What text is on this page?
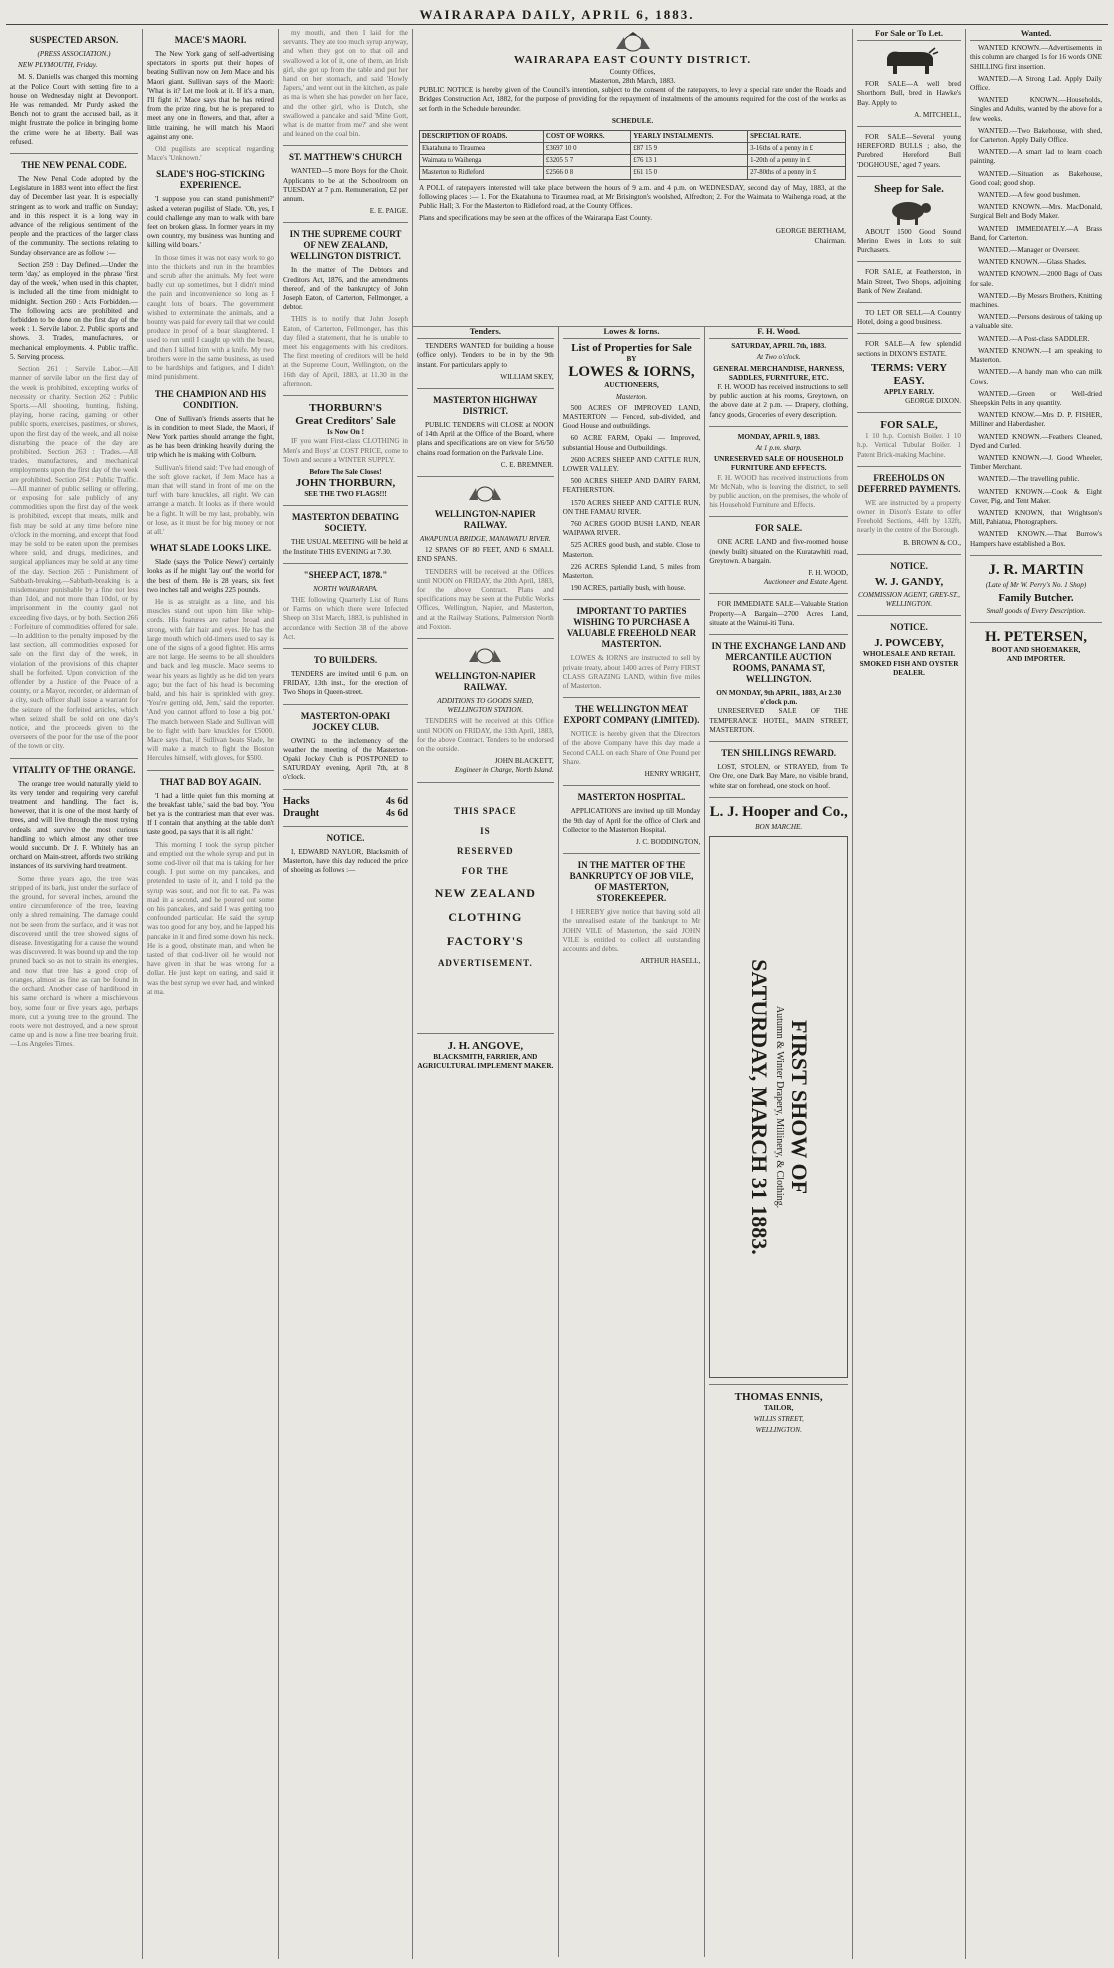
WAIRARAPA DAILY, APRIL 6, 1883.
SUSPECTED ARSON.
(PRESS ASSOCIATION.)

NEW PLYMOUTH, Friday.

M. S. Daniells was charged this morning at the Police Court with setting fire to a house on Wednesday night at Devonport. He was remanded. Mr Purdy asked the Bench not to grant the accused bail, as it might frustrate the police in bringing home the crime were he at liberty. Bail was refused.

THE NEW PENAL CODE.

The New Penal Code adopted by the Legislature in 1883 went into effect the first day of December last year. It is especially stringent as to work and traffic on Sunday; and in this respect it is a long way in advance of the religious sentiment of the people and the practices of the larger class of the community. The sections relating to Sunday observance are as follow :—

Section 259 : Day Defined.—Under the term 'day,' as employed in the phrase 'first day of the week,' when used in this chapter, is included all the time from midnight to midnight. Section 260 : Acts Forbidden.—The following acts are prohibited and forbidden to be done on the first day of the week : 1. Servile labor. 2. Public sports and shows. 3. Trades, manufactures, or mechanical employments. 4. Public traffic. 5. Serving process.

Section 261 : Servile Labor.—All manner of servile labor on the first day of the week is prohibited, excepting works of necessity or charity. Section 262 : Public Sports.—All shooting, hunting, fishing, playing, horse racing, gaming or other public sports, exercises, pastimes, or shows, upon the first day of the week, and all noise disturbing the peace of the day are prohibited. Section 263 : Trades.—All trades, manufactures, and mechanical employments upon the first day of the week are prohibited. Section 264 : Public Traffic.—All manner of public selling or offering, or exposing for sale publicly of any commodities upon the first day of the week is prohibited, except that meats, milk and fish may be sold at any time before nine o'clock in the morning, and except that food may be sold to be eaten upon the premises where sold, and drugs, medicines, and surgical appliances may be sold at any time of the day. Section 265 : Punishment of Sabbath-breaking.—Sabbath-breaking is a misdemeanor punishable by a fine not less than 1dol, and not more than 10dol, or by imprisonment in the county gaol not exceeding five days, or by both. Section 266 : Forfeiture of commodities offered for sale.—In addition to the penalty imposed by the last section, all commodities exposed for sale on the first day of the week, in violation of the provisions of this chapter shall be forfeited. Upon conviction of the offender by a Justice of the Peace of a county, or a Mayor, recorder, or alderman of a city, such officer shall issue a warrant for the seizure of the forfeited articles, which when seized shall be sold on one day's notice, and the proceeds given to the overseers of the poor for the use of the poor of the town or city.

VITALITY OF THE ORANGE.

The orange tree would naturally yield to its very tender and requiring very careful treatment and handling. The fact is, however, that it is one of the most hardy of trees, and will live through the most trying ordeals and survive the most curious handling to which almost any other tree would succumb. Dr J. F. Whitely has an orchard on Main-street, affords two striking instances of its surviving hard treatment.

Some three years ago, the tree was stripped of its bark, just under the surface of the ground, for several inches, around the entire circumference of the tree, leaving only a shred remaining. The damage could not be seen from the surface, and it was not discovered until the tree showed signs of disease. Investigating for a cause the wound was discovered. It was bound up and the top pruned back so as not to strain its energies, and now that tree has a good crop of oranges, almost as fine as can be found in the orchard. Another case of hardihood in his same orchard is where a mischievous boy, some four or five years ago, perhaps more, cut a young tree to the ground. The roots were not destroyed, and a new sprout came up and is now a fine tree bearing fruit.—Los Angeles Times.

MACE'S MAORI.

The New York gang of self-advertising spectators in sports put their hopes of beating Sullivan now on Jem Mace and his Maori giant. Sullivan says of the Maori: 'What is it? Let me look at it. If it's a man, I'll fight it.' Mace says that he has retired from the prize ring, but he is prepared to meet any one in flowers, and that, after a little training, he will match his Maori against any one.

Old pugilists are sceptical regarding Mace's 'Unknown.'

SLADE'S HOG-STICKING EXPERIENCE.

'I suppose you can stand punishment?' asked a veteran pugilist of Slade. 'Oh, yes, I could challenge any man to walk with bare feet on broken glass. In former years in my own country, my business was hunting and killing wild boars.'

In those times it was not easy work to go into the thickets and run in the brambles and scrub after the animals. My feet were badly cut up sometimes, but I didn't mind the pain and inconvenience so long as I caught lots of boars. The government wished to exterminate the animals, and a bounty was paid for every tail that we could produce in proof of a boar slaughtered. I used to run until I caught up with the beast, and then I killed him with a knife. My two brothers were in the same business, as used to be hardships and fatigues, and I didn't mind punishment.

THE CHAMPION AND HIS CONDITION.

One of Sullivan's friends asserts that he is in condition to meet Slade, the Maori, if New York parties should arrange the fight, as he has been drinking heavily during the trip which he is making with Colburn.

Sullivan's friend said: 'I've had enough of the soft glove racket, if Jem Mace has a man that will stand in front of me on the turf with bare knuckles, all right. We can arrange a match. It looks as if there would be a fight. It will be my last, probably, win or lose, as it must be for big money or not at all.'

WHAT SLADE LOOKS LIKE.

Slade (says the 'Police News') certainly looks as if he might 'lay out' the world for the best of them. He is 28 years, six feet two inches tall and weighs 225 pounds.

He is as straight as a line, and his muscles stand out upon him like whip-cords. His features are rather broad and strong, with fair hair and eyes. He has the large mouth which old-timers used to say is one of the signs of a good fighter. His arms are not large. He seems to be all shoulders and back and leg muscle. Mace seems to wear his years as lightly as he did ten years ago; but the fact of his head is becoming bald, and his hair is sprinkled with grey. 'You're getting old, Jem,' said the reporter. 'And you cannot afford to lose a big pot.' The match between Slade and Sullivan will be to fight with bare knuckles for £5000. Mace says that, if Sullivan beats Slade, he will make a match to fight the Boston Hercules himself, with gloves, for $500.

THAT BAD BOY AGAIN.

'I had a little quiet fun this morning at the breakfast table,' said the bad boy. 'You bet ya is the contrariest man that ever was. If I contain that anything at the table don't taste good, pa says that it is all right.'

This morning I took the syrup pitcher and emptied out the whole syrup and put in some cod-liver oil that ma is taking for her cough. I put some on my pancakes, and pretended to taste of it, and I told pa the syrup was sour, and not fit to eat. Pa was mad in a second, and he poured out some on his pancakes, and said I was getting too confounded particular. He said the syrup was too good for any boy, and he lapped his pancake in it and fired some down his neck. He is a good, obstinate man, and when he tasted of that cod-liver oil he would not have given in that he was wrong for a dollar. He just kept on eating, and said it was the best syrup we ever had, and winked at ma.

my mouth, and then I laid for the servants. They ate too much syrup anyway, and when they got on to that oil and swallowed a lot of it, one of them, an Irish girl, she got up from the table and put her hand on her stomach, and said 'Howly Japers,' and went out in the kitchen, as pale as ma is when she has powder on her face, and the other girl, who is Dutch, she swallowed a pancake and said 'Mine Gott, what is de matter from me?' and she went and leaned on the coal bin.

ST. MATTHEW'S CHURCH

WANTED—5 more Boys for the Choir. Applicants to be at the Schoolroom on TUESDAY at 7 p.m. Remuneration, £2 per annum.

E. E. PAIGE.
IN THE SUPREME COURT OF NEW ZEALAND, WELLINGTON DISTRICT.

In the matter of The Debtors and Creditors Act, 1876, and the amendments thereof, and of the bankruptcy of John Joseph Eaton, of Carterton, Fellmonger, a debtor.

THIS is to notify that John Joseph Eaton, of Carterton, Fellmonger, has this day filed a statement, that he is unable to meet his engagements with his creditors. The first meeting of creditors will be held at the Supreme Court, Wellington, on the 16th day of April, 1883, at 11.30 in the afternoon.

THORBURN'S
Great Creditors' Sale
Is Now On !

IF you want First-class CLOTHING in Men's and Boys' at COST PRICE, come to Town and secure a WINTER SUPPLY.

Before The Sale Closes!
JOHN THORBURN,
SEE THE TWO FLAGS!!!
MASTERTON DEBATING SOCIETY.

THE USUAL MEETING will be held at the Institute THIS EVENING at 7.30.

"SHEEP ACT, 1878."
NORTH WAIRARAPA.

THE following Quarterly List of Runs or Farms on which there were Infected Sheep on 31st March, 1883, is published in accordance with Section 38 of the above Act.

TO BUILDERS.

TENDERS are invited until 6 p.m. on FRIDAY, 13th inst., for the erection of Two Shops in Queen-street.

MASTERTON-OPAKI JOCKEY CLUB.

OWING to the inclemency of the weather the meeting of the Masterton-Opaki Jockey Club is POSTPONED to SATURDAY evening, April 7th, at 8 o'clock.

Hacks	4s 6d
Draught	4s 6d
NOTICE.

I, EDWARD NAYLOR, Blacksmith of Masterton, have this day reduced the price of shoeing as follows :—

WAIRARAPA EAST COUNTY DISTRICT.
County Offices,
Masterton, 28th March, 1883.
PUBLIC NOTICE is hereby given of the Council's intention, subject to the consent of the ratepayers, to levy a special rate under the Roads and Bridges Construction Act, 1882, for the purpose of providing for the repayment of instalments of the amounts required for the cost of the works as set forth in the Schedule hereunder.
SCHEDULE.
DESCRIPTION OF ROADS.	COST OF WORKS.	YEARLY INSTALMENTS.	SPECIAL RATE.
Ekatahuna to Tiraumea	£3697 10 0	£87 15 9	3-16ths of a penny in £
Waimata to Waihenga	£3205 5 7	£76 13 1	1-20th of a penny in £
Masterton to Ridleford	£2566 0 8	£61 15 0	27-80ths of a penny in £
A POLL of ratepayers interested will take place between the hours of 9 a.m. and 4 p.m. on WEDNESDAY, second day of May, 1883, at the following places :— 1. For the Ekatahuna to Tiraumea road, at Mr Brisington's woolshed, Alfredton; 2. For the Waimata to Waihenga road, at the Public Hall; 3. For the Masterton to Ridleford road, at the County Offices.
Plans and specifications may be seen at the offices of the Wairarapa East County.
GEORGE BERTHAM,
Chairman.
Tenders.

TENDERS WANTED for building a house (office only). Tenders to be in by the 9th instant. For particulars apply to

WILLIAM SKEY,
MASTERTON HIGHWAY DISTRICT.

PUBLIC TENDERS will CLOSE at NOON of 14th April at the Office of the Board, where plans and specifications are on view for 5/6/50 chains road formation on the Parkvale Line.

C. E. BREMNER.
WELLINGTON-NAPIER RAILWAY.
AWAPUNUA BRIDGE, MANAWATU RIVER.

12 SPANS OF 80 FEET, AND 6 SMALL END SPANS.

TENDERS will be received at the Offices until NOON on FRIDAY, the 20th April, 1883, for the above Contract. Plans and specifications may be seen at the Public Works Offices, Wellington, Napier, and Masterton, and at the Railway Stations, Palmerston North and Foxton.

WELLINGTON-NAPIER RAILWAY.
ADDITIONS TO GOODS SHED, WELLINGTON STATION.

TENDERS will be received at this Office until NOON on FRIDAY, the 13th April, 1883, for the above Contract. Tenders to be endorsed on the outside.

JOHN BLACKETT,
Engineer in Charge, North Island.
THIS SPACE
IS
RESERVED
FOR THE
NEW ZEALAND CLOTHING FACTORY'S
ADVERTISEMENT.
J. H. ANGOVE,
BLACKSMITH, FARRIER, AND AGRICULTURAL IMPLEMENT MAKER.
Lowes & Iorns.
List of Properties for Sale
BY
LOWES & IORNS,
AUCTIONEERS,
Masterton.

500 ACRES OF IMPROVED LAND, MASTERTON — Fenced, sub-divided, and Good House and outbuildings.

60 ACRE FARM, Opaki — Improved, substantial House and Outbuildings.

2600 ACRES SHEEP AND CATTLE RUN, LOWER VALLEY.

500 ACRES SHEEP AND DAIRY FARM, FEATHERSTON.

1570 ACRES SHEEP AND CATTLE RUN, ON THE FAMAU RIVER.

760 ACRES GOOD BUSH LAND, NEAR WAIPAWA RIVER.

525 ACRES good bush, and stable. Close to Masterton.

226 ACRES Splendid Land, 5 miles from Masterton.

190 ACRES, partially bush, with house.

IMPORTANT TO PARTIES WISHING TO PURCHASE A VALUABLE FREEHOLD NEAR MASTERTON.

LOWES & IORNS are instructed to sell by private treaty, about 1400 acres of Perry FIRST CLASS GRAZING LAND, within five miles of Masterton.

THE WELLINGTON MEAT EXPORT COMPANY (LIMITED).

NOTICE is hereby given that the Directors of the above Company have this day made a Second CALL on each Share of One Pound per Share.

HENRY WRIGHT,
MASTERTON HOSPITAL.

APPLICATIONS are invited up till Monday the 9th day of April for the office of Clerk and Collector to the Masterton Hospital.

J. C. BODDINGTON,
IN THE MATTER OF THE BANKRUPTCY OF JOB VILE, OF MASTERTON, STOREKEEPER.

I HEREBY give notice that having sold all the unrealised estate of the bankrupt to Mr JOHN VILE of Masterton, the said JOHN VILE is entitled to collect all outstanding accounts and debts.

ARTHUR HASELL,
F. H. Wood.
SATURDAY, APRIL 7th, 1883.
At Two o'clock.
GENERAL MERCHANDISE, HARNESS, SADDLES, FURNITURE, ETC.

F. H. WOOD has received instructions to sell by public auction at his rooms, Greytown, on the above date at 2 p.m. — Drapery, clothing, fancy goods, Groceries of every description.

MONDAY, APRIL 9, 1883.
At 1 p.m. sharp.
UNRESERVED SALE OF HOUSEHOLD FURNITURE AND EFFECTS.

F. H. WOOD has received instructions from Mr McNab, who is leaving the district, to sell by public auction, on the premises, the whole of his Household Furniture and Effects.

FOR SALE.

ONE ACRE LAND and five-roomed house (newly built) situated on the Kuratawhiti road, Greytown. A bargain.

F. H. WOOD,
Auctioneer and Estate Agent.

FOR IMMEDIATE SALE—Valuable Station Property—A Bargain—2700 Acres Land, situate at the Wainui-iti Tuna.

IN THE EXCHANGE LAND AND MERCANTILE AUCTION ROOMS, PANAMA ST, WELLINGTON.
ON MONDAY, 9th APRIL, 1883, At 2.30 o'clock p.m.

UNRESERVED SALE OF THE TEMPERANCE HOTEL, MAIN STREET, MASTERTON.

TEN SHILLINGS REWARD.

LOST, STOLEN, or STRAYED, from Te Ore Ore, one Dark Bay Mare, no visible brand, white star on forehead, one stock on hoof.

L. J. Hooper and Co.,
BON MARCHE.
FIRST SHOW OF
Autumn & Winter Drapery, Millinery, & Clothing.
SATURDAY, MARCH 31 1883.
THOMAS ENNIS,
TAILOR,
WILLIS STREET,
WELLINGTON.
For Sale or To Let.

FOR SALE—A well bred Shorthorn Bull, bred in Hawke's Bay. Apply to

A. MITCHELL,

FOR SALE—Several young HEREFORD BULLS ; also, the Purebred Hereford Bull 'DOGHOUSE,' aged 7 years.

Sheep for Sale.

ABOUT 1500 Good Sound Merino Ewes in Lots to suit Purchasers.

FOR SALE, at Featherston, in Main Street, Two Shops, adjoining Bank of New Zealand.

TO LET OR SELL—A Country Hotel, doing a good business.

FOR SALE—A few splendid sections in DIXON'S ESTATE.

TERMS: VERY EASY.
APPLY EARLY.
GEORGE DIXON.
FOR SALE,

1 10 h.p. Cornish Boiler. 1 10 h.p. Vertical Tubular Boiler. 1 Patent Brick-making Machine.

FREEHOLDS ON DEFERRED PAYMENTS.

WE are instructed by a property owner in Dixon's Estate to offer Freehold Sections, 44ft by 132ft, nearly in the centre of the Borough.

B. BROWN & CO.,
NOTICE.
W. J. GANDY,
COMMISSION AGENT, GREY-ST., WELLINGTON.
NOTICE.
J. POWCEBY,
WHOLESALE AND RETAIL SMOKED FISH AND OYSTER DEALER.
Wanted.

WANTED KNOWN.—Advertisements in this column are charged 1s for 16 words ONE SHILLING first insertion.

WANTED.—A Strong Lad. Apply Daily Office.

WANTED KNOWN.—Households, Singles and Adults, wanted by the above for a few weeks.

WANTED.—Two Bakehouse, with shed, for Carterton. Apply Daily Office.

WANTED.—A smart lad to learn coach painting.

WANTED.—Situation as Bakehouse, Good coal; good shop.

WANTED.—A few good bushmen.

WANTED KNOWN.—Mrs. MacDonald, Surgical Belt and Body Maker.

WANTED IMMEDIATELY.—A Brass Band, for Carterton.

WANTED.—Manager or Overseer.

WANTED KNOWN.—Glass Shades.

WANTED KNOWN.—2000 Bags of Oats for sale.

WANTED.—By Messrs Brothers, Knitting machines.

WANTED.—Persons desirous of taking up a valuable site.

WANTED.—A Post-class SADDLER.

WANTED KNOWN.—I am speaking to Masterton.

WANTED.—A handy man who can milk Cows.

WANTED.—Green or Well-dried Sheepskin Pelts in any quantity.

WANTED KNOW.—Mrs D. P. FISHER, Milliner and Haberdasher.

WANTED KNOWN.—Feathers Cleaned, Dyed and Curled.

WANTED KNOWN.—J. Good Wheeler, Timber Merchant.

WANTED.—The travelling public.

WANTED KNOWN.—Cook & Eight Cover, Pig, and Tent Maker.

WANTED KNOWN, that Wrightson's Mill, Pahiatua, Photographers.

WANTED KNOWN.—That Burrow's Hampers have established a Box.

J. R. MARTIN
(Late of Mr W. Perry's No. 1 Shop)
Family Butcher.
Small goods of Every Description.
H. PETERSEN,
BOOT AND SHOEMAKER,
AND IMPORTER.
